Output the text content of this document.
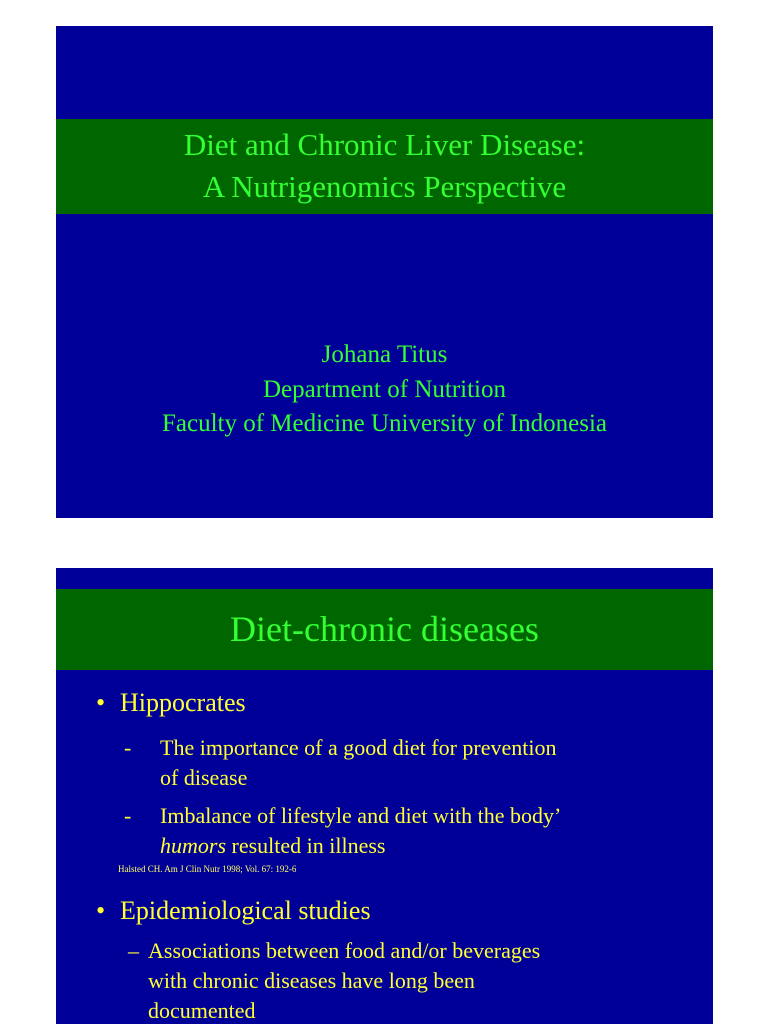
Diet and Chronic Liver Disease:
A Nutrigenomics Perspective
Johana Titus
Department of Nutrition
Faculty of Medicine University of Indonesia
Diet-chronic diseases
• Hippocrates
- The importance of a good diet for prevention
of disease
- Imbalance of lifestyle and diet with the body’
humors resulted in illness
Halsted CH. Am J Clin Nutr 1998; Vol. 67: 192-6
• Epidemiological studies
– Associations between food and/or beverages
with chronic diseases have long been
documented
